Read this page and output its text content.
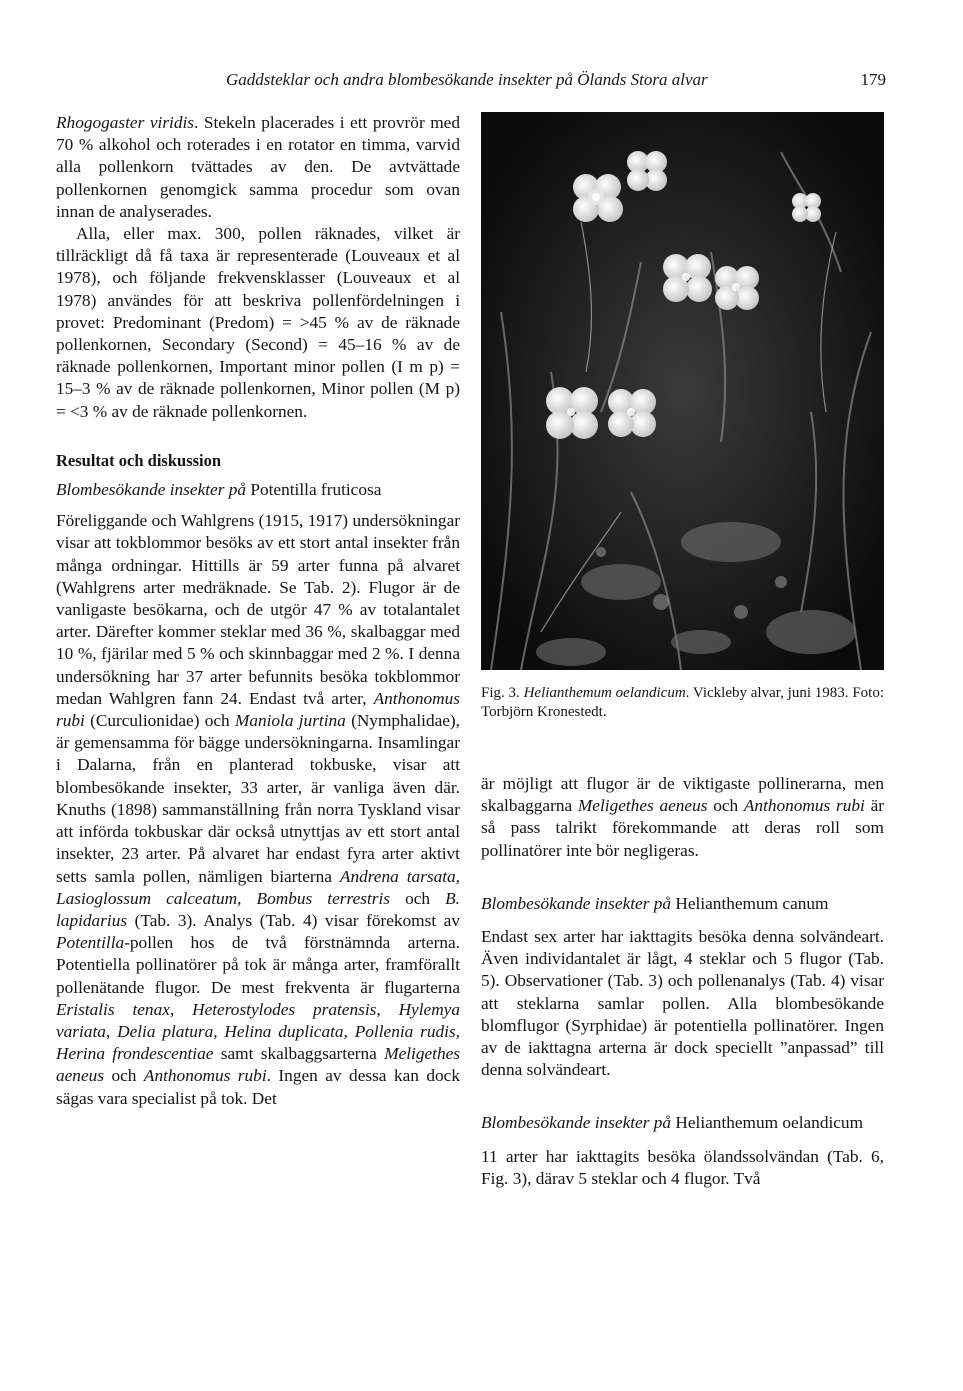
Gaddsteklar och andra blombesökande insekter på Ölands Stora alvar	179

Rhogogaster viridis. Stekeln placerades i ett provrör med 70 % alkohol och roterades i en rotator en timma, varvid alla pollenkorn tvättades av den. De avtvättade pollenkornen genomgick samma procedur som ovan innan de analyserades.

Alla, eller max. 300, pollen räknades, vilket är tillräckligt då få taxa är representerade (Louveaux et al 1978), och följande frekvensklasser (Louveaux et al 1978) användes för att beskriva pollenfördelningen i provet: Predominant (Predom) = >45 % av de räknade pollenkornen, Secondary (Second) = 45–16 % av de räknade pollenkornen, Important minor pollen (I m p) = 15–3 % av de räknade pollenkornen, Minor pollen (M p) = <3 % av de räknade pollenkornen.

Resultat och diskussion

Blombesökande insekter på Potentilla fruticosa

Föreliggande och Wahlgrens (1915, 1917) undersökningar visar att tokblommor besöks av ett stort antal insekter från många ordningar. Hittills är 59 arter funna på alvaret (Wahlgrens arter medräknade. Se Tab. 2). Flugor är de vanligaste besökarna, och de utgör 47 % av totalantalet arter. Därefter kommer steklar med 36 %, skalbaggar med 10 %, fjärilar med 5 % och skinnbaggar med 2 %. I denna undersökning har 37 arter befunnits besöka tokblommor medan Wahlgren fann 24. Endast två arter, Anthonomus rubi (Curculionidae) och Maniola jurtina (Nymphalidae), är gemensamma för bägge undersökningarna. Insamlingar i Dalarna, från en planterad tokbuske, visar att blombesökande insekter, 33 arter, är vanliga även där. Knuths (1898) sammanställning från norra Tyskland visar att införda tokbuskar där också utnyttjas av ett stort antal insekter, 23 arter. På alvaret har endast fyra arter aktivt setts samla pollen, nämligen biarterna Andrena tarsata, Lasioglossum calceatum, Bombus terrestris och B. lapidarius (Tab. 3). Analys (Tab. 4) visar förekomst av Potentilla-pollen hos de två förstnämnda arterna. Potentiella pollinatörer på tok är många arter, framförallt pollenätande flugor. De mest frekventa är flugarterna Eristalis tenax, Heterostylodes pratensis, Hylemya variata, Delia platura, Helina duplicata, Pollenia rudis, Herina frondescentiae samt skalbaggsarterna Meligethes aeneus och Anthonomus rubi. Ingen av dessa kan dock sägas vara specialist på tok. Det

Fig. 3. Helianthemum oelandicum. Vickleby alvar, juni 1983. Foto: Torbjörn Kronestedt.

är möjligt att flugor är de viktigaste pollinerarna, men skalbaggarna Meligethes aeneus och Anthonomus rubi är så pass talrikt förekommande att deras roll som pollinatörer inte bör negligeras.

Blombesökande insekter på Helianthemum canum

Endast sex arter har iakttagits besöka denna solvändeart. Även individantalet är lågt, 4 steklar och 5 flugor (Tab. 5). Observationer (Tab. 3) och pollenanalys (Tab. 4) visar att steklarna samlar pollen. Alla blombesökande blomflugor (Syrphidae) är potentiella pollinatörer. Ingen av de iakttagna arterna är dock speciellt ”anpassad” till denna solvändeart.

Blombesökande insekter på Helianthemum oelandicum

11 arter har iakttagits besöka ölandssolvändan (Tab. 6, Fig. 3), därav 5 steklar och 4 flugor. Två
